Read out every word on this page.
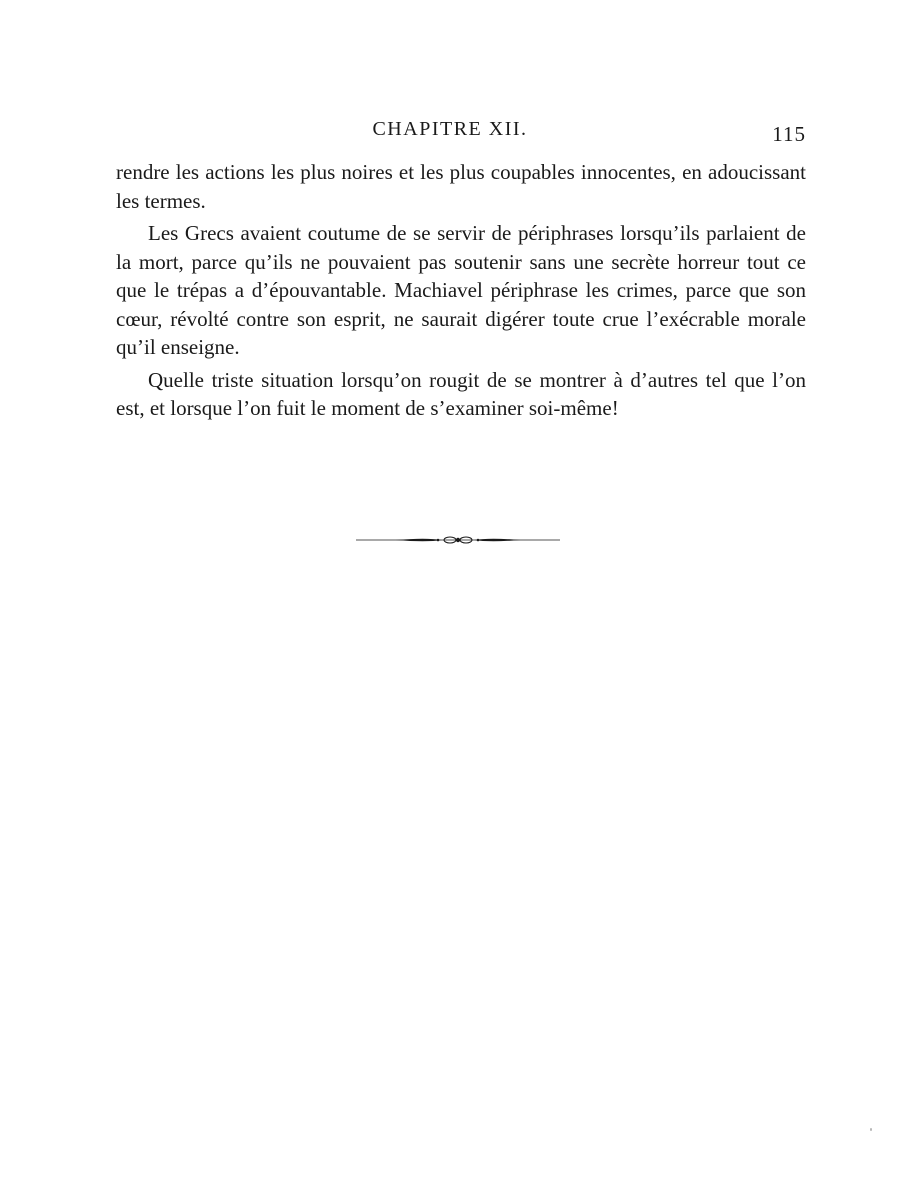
CHAPITRE XII.	115

rendre les actions les plus noires et les plus coupables innocentes, en adoucissant les termes.

Les Grecs avaient coutume de se servir de périphrases lorsqu’ils parlaient de la mort, parce qu’ils ne pouvaient pas soutenir sans une secrète horreur tout ce que le trépas a d’épouvantable. Machiavel périphrase les crimes, parce que son cœur, révolté contre son esprit, ne saurait digérer toute crue l’exécrable morale qu’il enseigne.

Quelle triste situation lorsqu’on rougit de se montrer à d’autres tel que l’on est, et lorsque l’on fuit le moment de s’examiner soi-même!
